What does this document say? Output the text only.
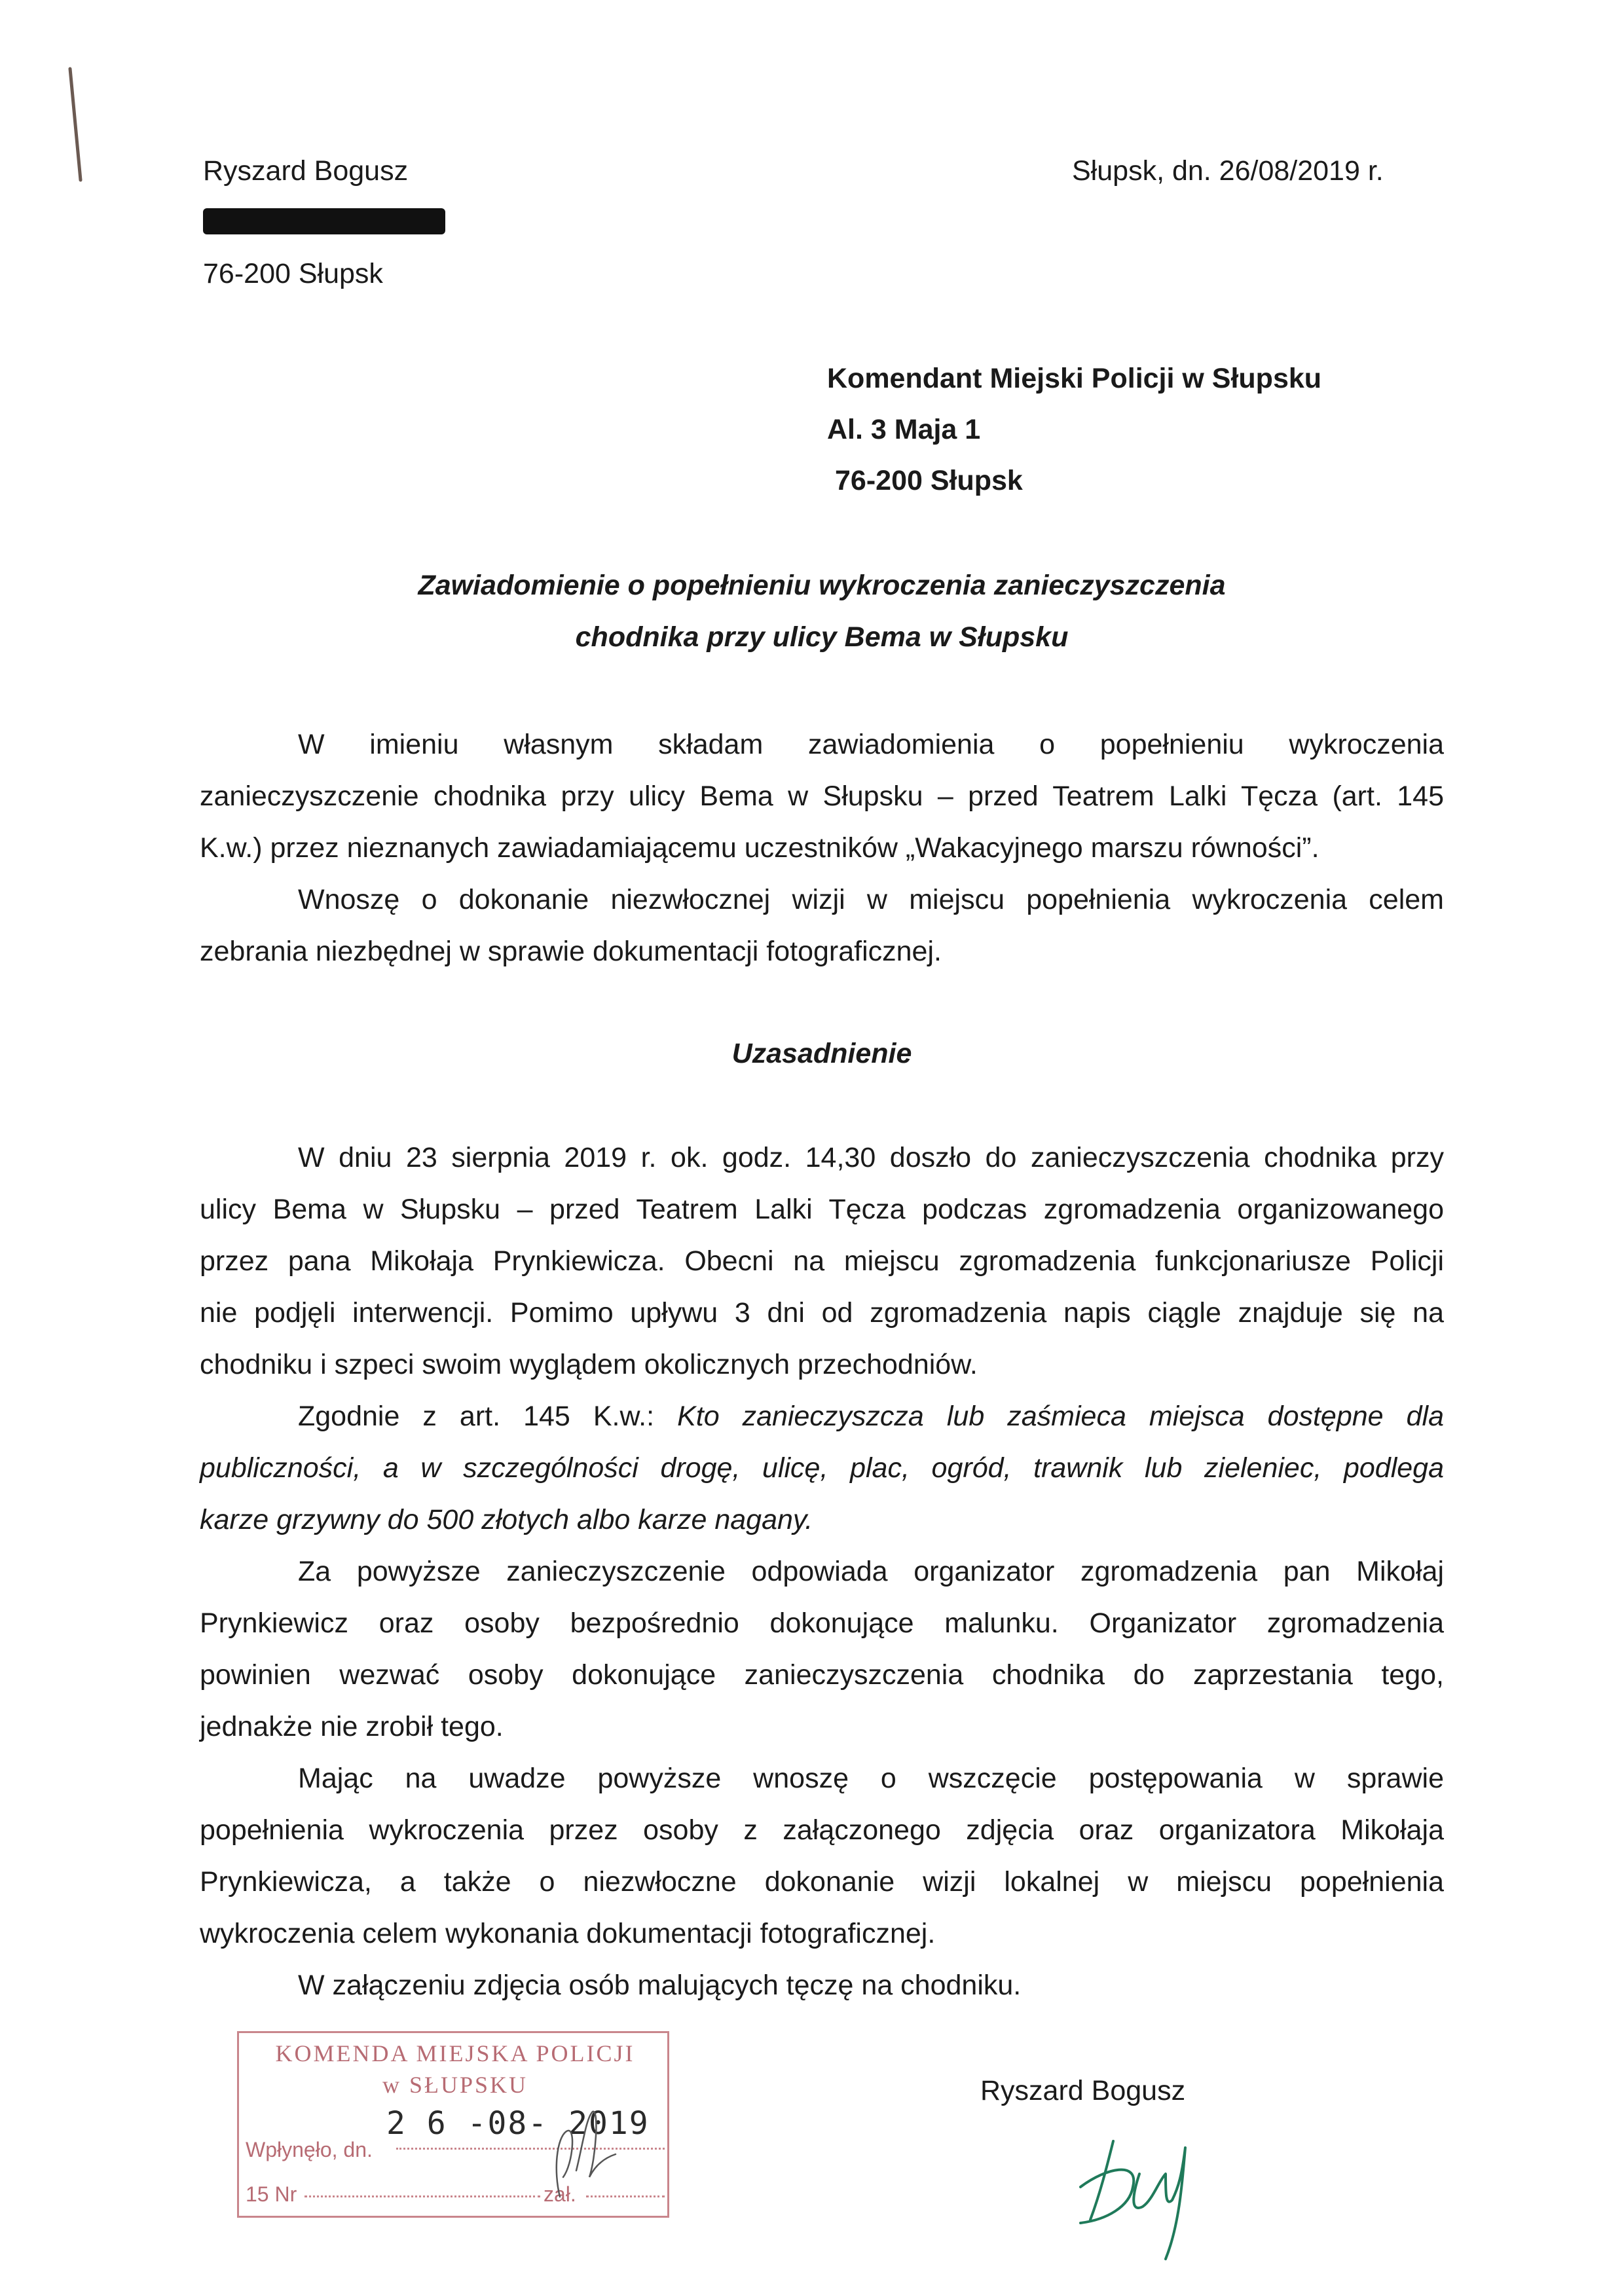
Ryszard Bogusz
76-200 Słupsk
Słupsk, dn. 26/08/2019 r.
Komendant Miejski Policji w Słupsku
Al. 3 Maja 1
76-200 Słupsk
Zawiadomienie o popełnieniu wykroczenia zanieczyszczenia
chodnika przy ulicy Bema w Słupsku

W imieniu własnym składam zawiadomienia o popełnieniu wykroczenia
zanieczyszczenie chodnika przy ulicy Bema w Słupsku – przed Teatrem Lalki Tęcza (art. 145
K.w.) przez nieznanych zawiadamiającemu uczestników „Wakacyjnego marszu równości”.

Wnoszę o dokonanie niezwłocznej wizji w miejscu popełnienia wykroczenia celem
zebrania niezbędnej w sprawie dokumentacji fotograficznej.

Uzasadnienie

W dniu 23 sierpnia 2019 r. ok. godz. 14,30 doszło do zanieczyszczenia chodnika przy
ulicy Bema w Słupsku – przed Teatrem Lalki Tęcza podczas zgromadzenia organizowanego
przez pana Mikołaja Prynkiewicza. Obecni na miejscu zgromadzenia funkcjonariusze Policji
nie podjęli interwencji. Pomimo upływu 3 dni od zgromadzenia napis ciągle znajduje się na
chodniku i szpeci swoim wyglądem okolicznych przechodniów.

Zgodnie z art. 145 K.w.: Kto zanieczyszcza lub zaśmieca miejsca dostępne dla
publiczności, a w szczególności drogę, ulicę, plac, ogród, trawnik lub zieleniec, podlega
karze grzywny do 500 złotych albo karze nagany.

Za powyższe zanieczyszczenie odpowiada organizator zgromadzenia pan Mikołaj
Prynkiewicz oraz osoby bezpośrednio dokonujące malunku. Organizator zgromadzenia
powinien wezwać osoby dokonujące zanieczyszczenia chodnika do zaprzestania tego,
jednakże nie zrobił tego.

Mając na uwadze powyższe wnoszę o wszczęcie postępowania w sprawie
popełnienia wykroczenia przez osoby z załączonego zdjęcia oraz organizatora Mikołaja
Prynkiewicza, a także o niezwłoczne dokonanie wizji lokalnej w miejscu popełnienia
wykroczenia celem wykonania dokumentacji fotograficznej.

W załączeniu zdjęcia osób malujących tęczę na chodniku.

Ryszard Bogusz
KOMENDA MIEJSKA POLICJI
w SŁUPSKU
2 6 -08- 2019
Wpłynęło, dn.
15 Nr	zał.
